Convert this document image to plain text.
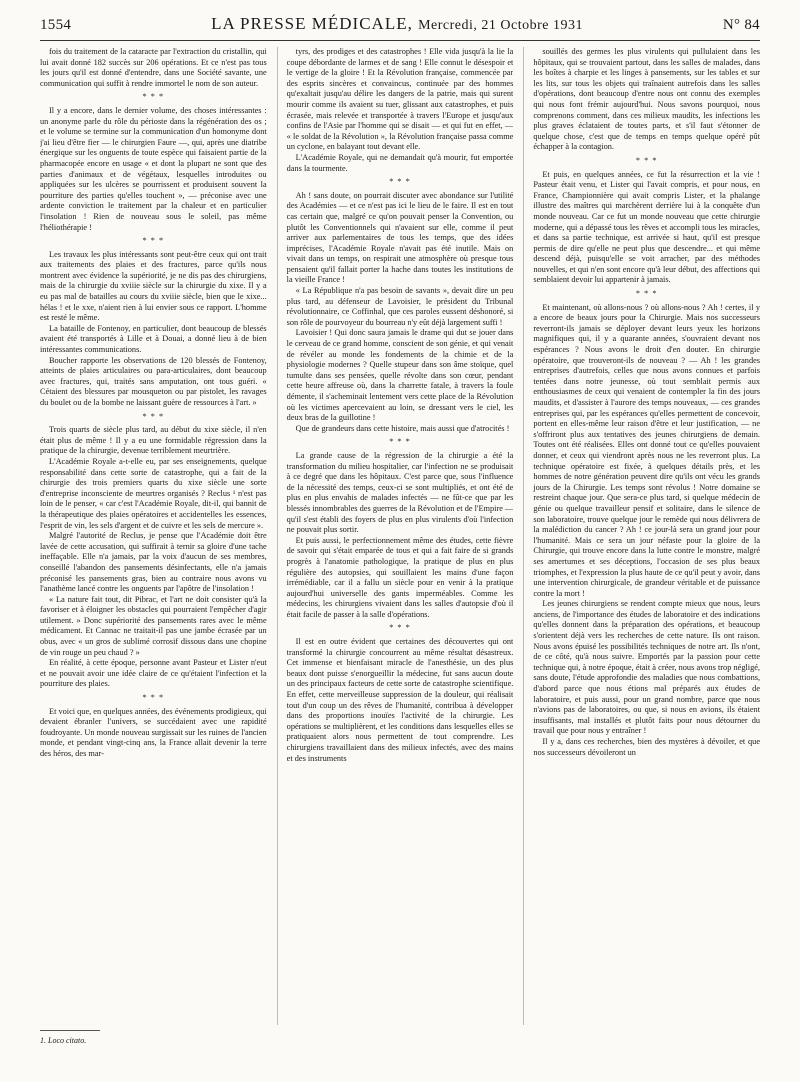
1554	LA PRESSE MÉDICALE, Mercredi, 21 Octobre 1931	N° 84

fois du traitement de la cataracte par l'extraction du cristallin, qui lui avait donné 182 succès sur 206 opérations. Et ce n'est pas tous les jours qu'il est donné d'entendre, dans une Société savante, une communication qui suffit à rendre immortel le nom de son auteur.

* * *

Il y a encore, dans le dernier volume, des choses intéressantes : un anonyme parle du rôle du périoste dans la régénération des os ; et le volume se termine sur la communication d'un homonyme dont j'ai lieu d'être fier — le chirurgien Faure —, qui, après une diatribe énergique sur les onguents de toute espèce qui faisaient partie de la pharmacopée encore en usage « et dont la plupart ne sont que des parties d'animaux et de végétaux, lesquelles introduites ou appliquées sur les ulcères se pourrissent et produisent souvent la pourriture des parties qu'elles touchent », — préconise avec une ardente conviction le traitement par la chaleur et en particulier l'insolation ! Rien de nouveau sous le soleil, pas même l'héliothérapie !

* * *

Les travaux les plus intéressants sont peut-être ceux qui ont trait aux traitements des plaies et des fractures, parce qu'ils nous montrent avec évidence la supériorité, je ne dis pas des chirurgiens, mais de la chirurgie du xviiie siècle sur la chirurgie du xixe. Il y a eu pas mal de batailles au cours du xviiie siècle, bien que le xixe... hélas ! et le xxe, n'aient rien à lui envier sous ce rapport. L'homme est resté le même.

La bataille de Fontenoy, en particulier, dont beaucoup de blessés avaient été transportés à Lille et à Douai, a donné lieu à de bien intéressantes communications.

Boucher rapporte les observations de 120 blessés de Fontenoy, atteints de plaies articulaires ou para-articulaires, dont beaucoup avec fractures, qui, traités sans amputation, ont tous guéri. « Cétaient des blessures par mousqueton ou par pistolet, les ravages du boulet ou de la bombe ne laissant guère de ressources à l'art. »

* * *

Trois quarts de siècle plus tard, au début du xixe siècle, il n'en était plus de même ! Il y a eu une formidable régression dans la pratique de la chirurgie, devenue terriblement meurtrière.

L'Académie Royale a-t-elle eu, par ses enseignements, quelque responsabilité dans cette sorte de catastrophe, qui a fait de la chirurgie des trois premiers quarts du xixe siècle une sorte d'entreprise inconsciente de meurtres organisés ? Reclus ¹ n'est pas loin de le penser, « car c'est l'Académie Royale, dit-il, qui bannit de la thérapeutique des plaies opératoires et accidentelles les essences, l'esprit de vin, les sels d'argent et de cuivre et les sels de mercure ».

Malgré l'autorité de Reclus, je pense que l'Académie doit être lavée de cette accusation, qui suffirait à ternir sa gloire d'une tache ineffaçable. Elle n'a jamais, par la voix d'aucun de ses membres, conseillé l'abandon des pansements désinfectants, elle n'a jamais préconisé les pansements gras, bien au contraire nous avons vu l'anathème lancé contre les onguents par l'apôtre de l'insolation !

« La nature fait tout, dit Pibrac, et l'art ne doit consister qu'à la favoriser et à éloigner les obstacles qui pourraient l'empêcher d'agir utilement. » Donc supériorité des pansements rares avec le même médicament. Et Cannac ne traitait-il pas une jambe écrasée par un obus, avec « un gros de sublimé corrosif dissous dans une chopine de vin rouge un peu chaud ? »

En réalité, à cette époque, personne avant Pasteur et Lister n'eut et ne pouvait avoir une idée claire de ce qu'étaient l'infection et la pourriture des plaies.

* * *

Et voici que, en quelques années, des événements prodigieux, qui devaient ébranler l'univers, se succédaient avec une rapidité foudroyante. Un monde nouveau surgissait sur les ruines de l'ancien monde, et pendant vingt-cinq ans, la France allait devenir la terre des héros, des mar-

tyrs, des prodiges et des catastrophes ! Elle vida jusqu'à la lie la coupe débordante de larmes et de sang ! Elle connut le désespoir et le vertige de la gloire ! Et la Révolution française, commencée par des esprits sincères et convaincus, continuée par des hommes qu'exaltait jusqu'au délire les dangers de la patrie, mais qui surent mourir comme ils avaient su tuer, glissant aux catastrophes, et puis écrasée, mais relevée et transportée à travers l'Europe et jusqu'aux confins de l'Asie par l'homme qui se disait — et qui fut en effet, — « le soldat de la Révolution », la Révolution française passa comme un cyclone, en balayant tout devant elle.

L'Académie Royale, qui ne demandait qu'à mourir, fut emportée dans la tourmente.

* * *

Ah ! sans doute, on pourrait discuter avec abondance sur l'utilité des Académies — et ce n'est pas ici le lieu de le faire. Il est en tout cas certain que, malgré ce qu'on pouvait penser la Convention, ou plutôt les Conventionnels qui n'avaient sur elle, comme il peut arriver aux parlementaires de tous les temps, que des idées imprécises, l'Académie Royale n'avait pas été inutile. Mais on vivait dans un temps, on respirait une atmosphère où presque tous pensaient qu'il fallait porter la hache dans toutes les institutions de la vieille France !

« La République n'a pas besoin de savants », devait dire un peu plus tard, au défenseur de Lavoisier, le président du Tribunal révolutionnaire, ce Coffinhal, que ces paroles eussent déshonoré, si son rôle de pourvoyeur du bourreau n'y eût déjà largement suffi !

Lavoisier ! Qui donc saura jamais le drame qui dut se jouer dans le cerveau de ce grand homme, conscient de son génie, et qui venait de révéler au monde les fondements de la chimie et de la physiologie modernes ? Quelle stupeur dans son âme stoïque, quel tumulte dans ses pensées, quelle révolte dans son cœur, pendant cette heure affreuse où, dans la charrette fatale, à travers la foule démente, il s'acheminait lentement vers cette place de la Révolution où les victimes apercevaient au loin, se dressant vers le ciel, les deux bras de la guillotine !

Que de grandeurs dans cette histoire, mais aussi que d'atrocités !

* * *

La grande cause de la régression de la chirurgie a été la transformation du milieu hospitalier, car l'infection ne se produisait à ce degré que dans les hôpitaux. C'est parce que, sous l'influence de la nécessité des temps, ceux-ci se sont multipliés, et ont été de plus en plus envahis de malades infectés — ne fût-ce que par les blessés innombrables des guerres de la Révolution et de l'Empire — qu'il s'est établi des foyers de plus en plus virulents d'où l'infection ne pouvait plus sortir.

Et puis aussi, le perfectionnement même des études, cette fièvre de savoir qui s'était emparée de tous et qui a fait faire de si grands progrès à l'anatomie pathologique, la pratique de plus en plus régulière des autopsies, qui souillaient les mains d'une façon irrémédiable, car il a fallu un siècle pour en venir à la pratique aujourd'hui universelle des gants imperméables. Comme les médecins, les chirurgiens vivaient dans les salles d'autopsie d'où il était facile de passer à la salle d'opérations.

* * *

Il est en outre évident que certaines des découvertes qui ont transformé la chirurgie concourrent au même résultat désastreux. Cet immense et bienfaisant miracle de l'anesthésie, un des plus beaux dont puisse s'enorgueillir la médecine, fut sans aucun doute un des principaux facteurs de cette sorte de catastrophe scientifique. En effet, cette merveilleuse suppression de la douleur, qui réalisait tout d'un coup un des rêves de l'humanité, contribua à développer dans des proportions inouïes l'activité de la chirurgie. Les opérations se multiplièrent, et les conditions dans lesquelles elles se pratiquaient alors nous permettent de tout comprendre. Les chirurgiens travaillaient dans des milieux infectés, avec des mains et des instruments

souillés des germes les plus virulents qui pullulaient dans les hôpitaux, qui se trouvaient partout, dans les salles de malades, dans les boîtes à charpie et les linges à pansements, sur les tables et sur les lits, sur tous les objets qui traînaient autrefois dans les salles d'opérations, dont beaucoup d'entre nous ont connu des exemples qui nous font frémir aujourd'hui. Nous savons pourquoi, nous comprenons comment, dans ces milieux maudits, les infections les plus graves éclataient de toutes parts, et s'il faut s'étonner de quelque chose, c'est que de temps en temps quelque opéré pût échapper à la contagion.

* * *

Et puis, en quelques années, ce fut la résurrection et la vie ! Pasteur était venu, et Lister qui l'avait compris, et pour nous, en France, Championnière qui avait compris Lister, et la phalange illustre des maîtres qui marchèrent derrière lui à la conquête d'un monde nouveau. Car ce fut un monde nouveau que cette chirurgie moderne, qui a dépassé tous les rêves et accompli tous les miracles, et dans sa partie technique, est arrivée si haut, qu'il est presque permis de dire qu'elle ne peut plus que descendre... et qui même descend déjà, puisqu'elle se voit arracher, par des méthodes nouvelles, et qui n'en sont encore qu'à leur début, des affections qui semblaient devoir lui appartenir à jamais.

* * *

Et maintenant, où allons-nous ? où allons-nous ? Ah ! certes, il y a encore de beaux jours pour la Chirurgie. Mais nos successeurs reverront-ils jamais se déployer devant leurs yeux les horizons magnifiques qui, il y a quarante années, s'ouvraient devant nos espérances ? Nous avons le droit d'en douter. En chirurgie opératoire, que trouveront-ils de nouveau ? — Ah ! les grandes entreprises d'autrefois, celles que nous avons connues et parfois tentées dans notre jeunesse, où tout semblait permis aux enthousiasmes de ceux qui venaient de contempler la fin des jours maudits, et d'assister à l'aurore des temps nouveaux, — ces grandes entreprises qui, par les espérances qu'elles permettent de concevoir, portent en elles-même leur raison d'être et leur justification, — ne s'offriront plus aux tentatives des jeunes chirurgiens de demain. Toutes ont été réalisées. Elles ont donné tout ce qu'elles pouvaient donner, et ceux qui viendront après nous ne les reverront plus. La technique opératoire est fixée, à quelques détails près, et les hommes de notre génération peuvent dire qu'ils ont vécu les grands jours de la Chirurgie. Les temps sont révolus ! Notre domaine se restreint chaque jour. Que sera-ce plus tard, si quelque médecin de génie ou quelque travailleur pensif et solitaire, dans le silence de son laboratoire, trouve quelque jour le remède qui nous délivrera de la malédiction du cancer ? Ah ! ce jour-là sera un grand jour pour l'humanité. Mais ce sera un jour néfaste pour la gloire de la Chirurgie, qui trouve encore dans la lutte contre le monstre, malgré ses amertumes et ses déceptions, l'occasion de ses plus beaux triomphes, et l'expression la plus haute de ce qu'il peut y avoir, dans une intervention chirurgicale, de grandeur véritable et de puissance contre la mort !

Les jeunes chirurgiens se rendent compte mieux que nous, leurs anciens, de l'importance des études de laboratoire et des indications qu'elles donnent dans la préparation des opérations, et beaucoup s'orientent déjà vers les recherches de cette nature. Ils ont raison. Nous avons épuisé les possibilités techniques de notre art. Ils n'ont, de ce côté, qu'à nous suivre. Emportés par la passion pour cette technique qui, à notre époque, était à créer, nous avons trop négligé, sans doute, l'étude approfondie des maladies que nous combattions, d'abord parce que nous étions mal préparés aux études de laboratoire, et puis aussi, pour un grand nombre, parce que nous n'avions pas de laboratoires, ou que, si nous en avions, ils étaient insuffisants, mal installés et plutôt faits pour nous détourner du travail que pour nous y entraîner !

Il y a, dans ces recherches, bien des mystères à dévoiler, et que nos successeurs dévoileront un

1. Loco citato.
